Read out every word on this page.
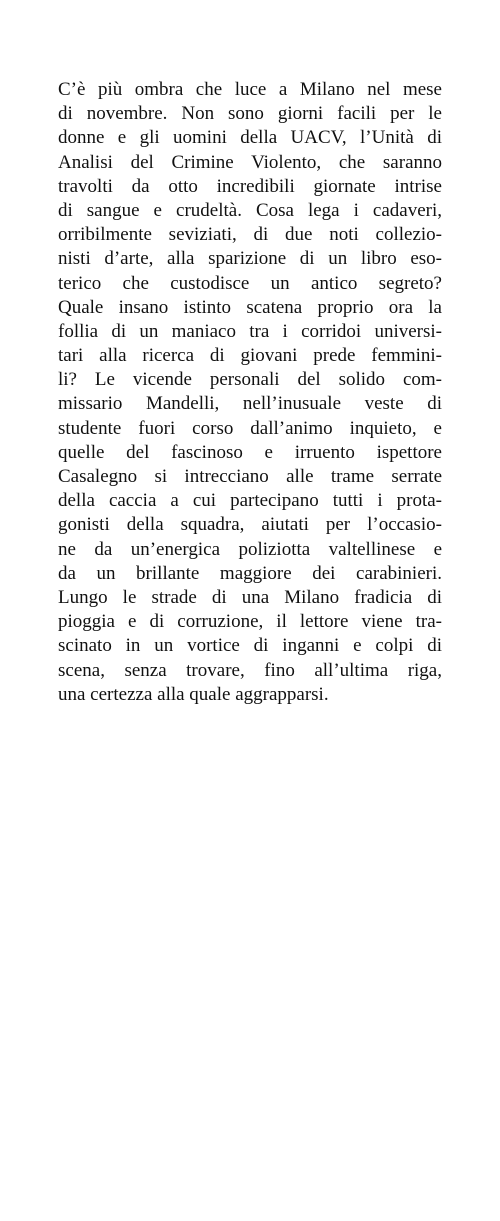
C’è più ombra che luce a Milano nel mese
di novembre. Non sono giorni facili per le
donne e gli uomini della UACV, l’Unità di
Analisi del Crimine Violento, che saranno
travolti da otto incredibili giornate intrise
di sangue e crudeltà. Cosa lega i cadaveri,
orribilmente seviziati, di due noti collezio-
nisti d’arte, alla sparizione di un libro eso-
terico che custodisce un antico segreto?
Quale insano istinto scatena proprio ora la
follia di un maniaco tra i corridoi universi-
tari alla ricerca di giovani prede femmini-
li? Le vicende personali del solido com-
missario Mandelli, nell’inusuale veste di
studente fuori corso dall’animo inquieto, e
quelle del fascinoso e irruento ispettore
Casalegno si intrecciano alle trame serrate
della caccia a cui partecipano tutti i prota-
gonisti della squadra, aiutati per l’occasio-
ne da un’energica poliziotta valtellinese e
da un brillante maggiore dei carabinieri.
Lungo le strade di una Milano fradicia di
pioggia e di corruzione, il lettore viene tra-
scinato in un vortice di inganni e colpi di
scena, senza trovare, fino all’ultima riga,
una certezza alla quale aggrapparsi.
